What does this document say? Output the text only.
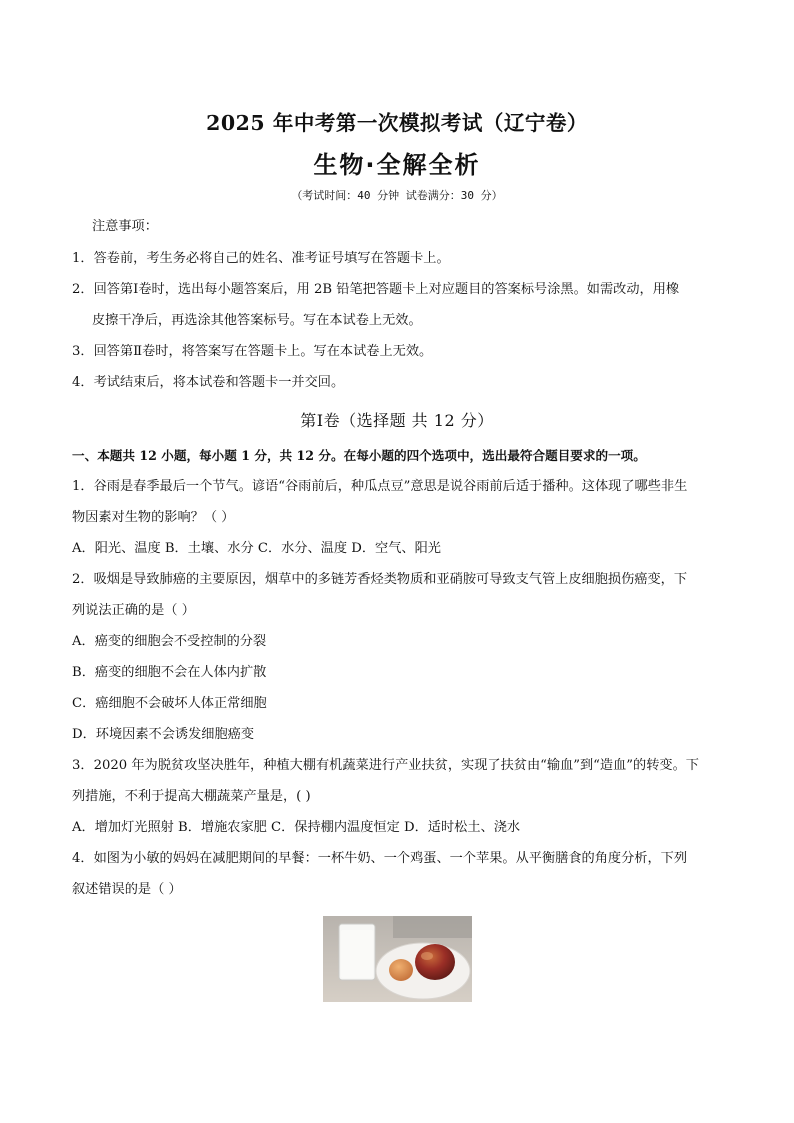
2025 年中考第一次模拟考试（辽宁卷）
生物·全解全析
（考试时间：40 分钟 试卷满分：30 分）
注意事项：
1．答卷前，考生务必将自己的姓名、准考证号填写在答题卡上。
2．回答第Ⅰ卷时，选出每小题答案后，用 2B 铅笔把答题卡上对应题目的答案标号涂黑。如需改动，用橡
皮擦干净后，再选涂其他答案标号。写在本试卷上无效。
3．回答第Ⅱ卷时，将答案写在答题卡上。写在本试卷上无效。
4．考试结束后，将本试卷和答题卡一并交回。
第Ⅰ卷（选择题 共 12 分）
一、本题共 12 小题，每小题 1 分，共 12 分。在每小题的四个选项中，选出最符合题目要求的一项。
1．谷雨是春季最后一个节气。谚语“谷雨前后，种瓜点豆”意思是说谷雨前后适于播种。这体现了哪些非生
物因素对生物的影响？（ ）
A．阳光、温度 B．土壤、水分 C．水分、温度 D．空气、阳光
2．吸烟是导致肺癌的主要原因，烟草中的多链芳香烃类物质和亚硝胺可导致支气管上皮细胞损伤癌变，下
列说法正确的是（ ）
A．癌变的细胞会不受控制的分裂
B．癌变的细胞不会在人体内扩散
C．癌细胞不会破坏人体正常细胞
D．环境因素不会诱发细胞癌变
3．2020 年为脱贫攻坚决胜年，种植大棚有机蔬菜进行产业扶贫，实现了扶贫由“输血”到“造血”的转变。下
列措施，不利于提高大棚蔬菜产量是，( )
A．增加灯光照射 B．增施农家肥 C．保持棚内温度恒定 D．适时松土、浇水
4．如图为小敏的妈妈在减肥期间的早餐：一杯牛奶、一个鸡蛋、一个苹果。从平衡膳食的角度分析，下列
叙述错误的是（ ）
